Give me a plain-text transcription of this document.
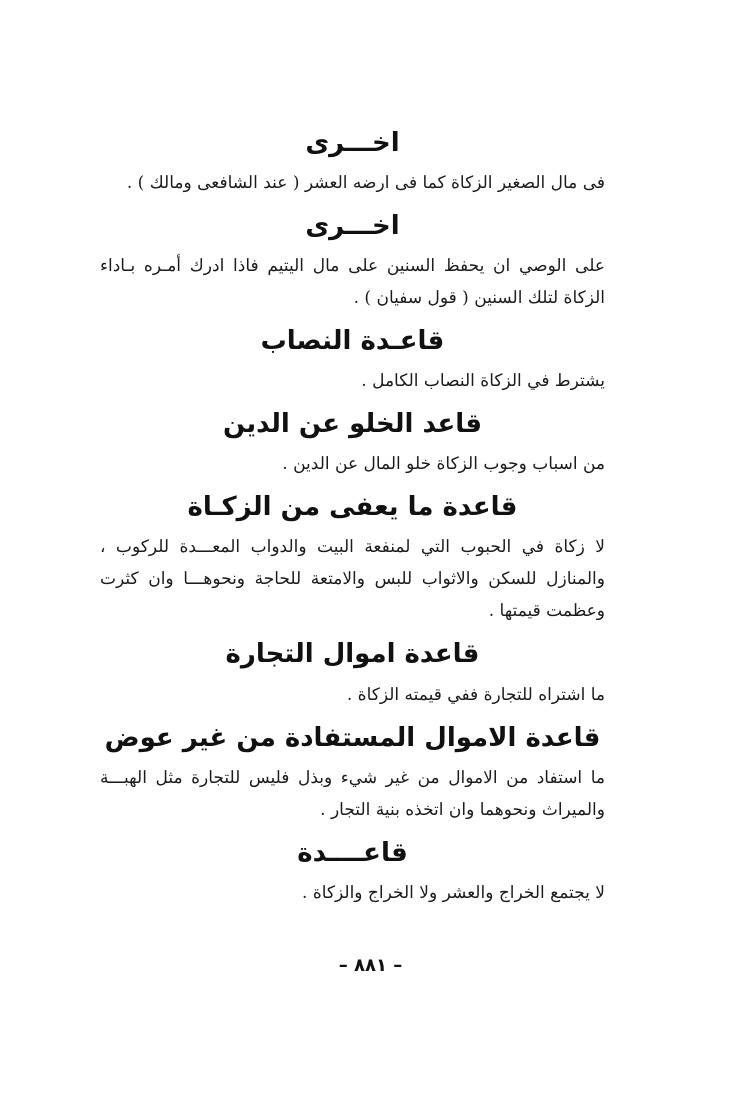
اخـــرى

فى مال الصغير الزكاة كما فى ارضه العشر ( عند الشافعى ومالك ) .

اخـــرى

على الوصي ان يحفظ السنين على مال اليتيم فاذا ادرك أمـره بـاداء الزكاة لتلك السنين ( قول سفيان ) .

قاعـدة النصاب

يشترط في الزكاة النصاب الكامل .

قاعد الخلو عن الدين

من اسباب وجوب الزكاة خلو المال عن الدين .

قاعدة ما يعفى من الزكـاة

لا زكاة في الحبوب التي لمنفعة البيت والدواب المعـــدة للركوب ، والمنازل للسكن والاثواب للبس والامتعة للحاجة ونحوهـــا وان كثرت وعظمت قيمتها .

قاعدة اموال التجارة

ما اشتراه للتجارة ففي قيمته الزكاة .

قاعدة الاموال المستفادة من غير عوض

ما استفاد من الاموال من غير شيء وبذل فليس للتجارة مثل الهبـــة والميراث ونحوهما وان اتخذه بنية التجار .

قاعــــدة

لا يجتمع الخراج والعشر ولا الخراج والزكاة .

– ٨٨١ –
